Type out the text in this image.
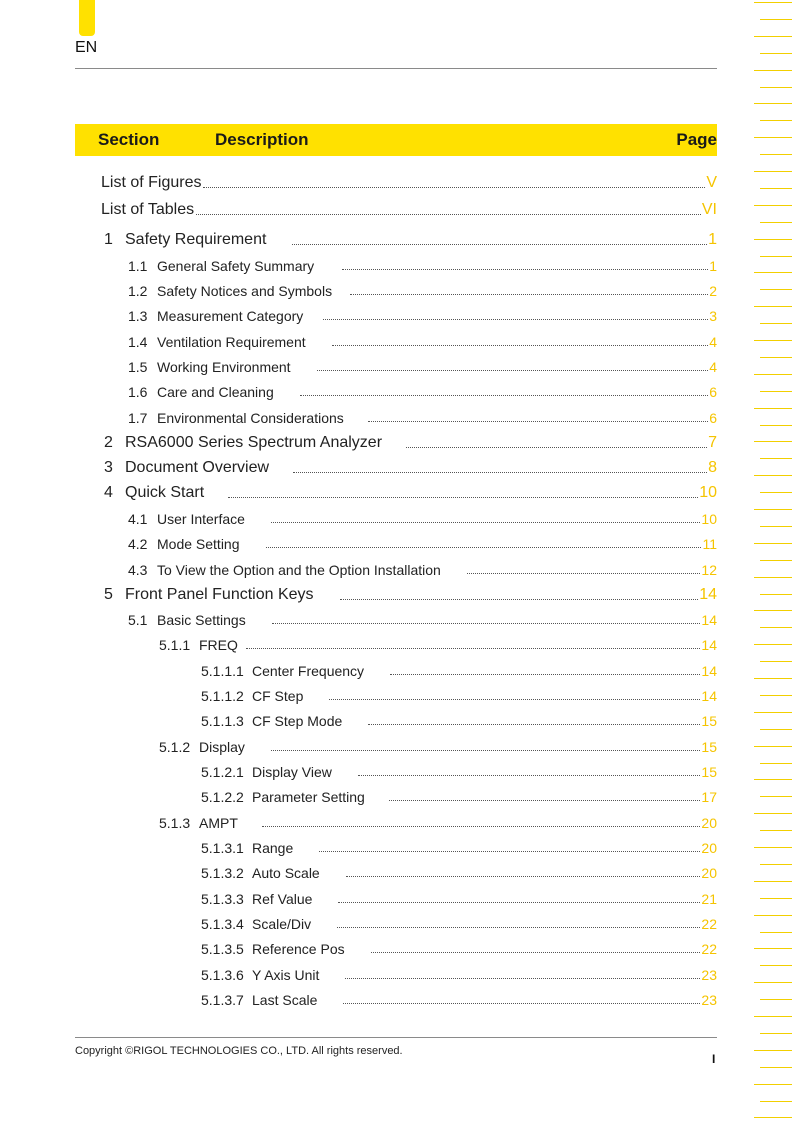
EN
Section	Description	Page
List of Figures	V
List of Tables	VI
1 Safety Requirement	1
1.1 General Safety Summary	1
1.2 Safety Notices and Symbols	2
1.3 Measurement Category	3
1.4 Ventilation Requirement	4
1.5 Working Environment	4
1.6 Care and Cleaning	6
1.7 Environmental Considerations	6
2 RSA6000 Series Spectrum Analyzer	7
3 Document Overview	8
4 Quick Start	10
4.1 User Interface	10
4.2 Mode Setting	11
4.3 To View the Option and the Option Installation	12
5 Front Panel Function Keys	14
5.1 Basic Settings	14
5.1.1 FREQ	14
5.1.1.1 Center Frequency	14
5.1.1.2 CF Step	14
5.1.1.3 CF Step Mode	15
5.1.2 Display	15
5.1.2.1 Display View	15
5.1.2.2 Parameter Setting	17
5.1.3 AMPT	20
5.1.3.1 Range	20
5.1.3.2 Auto Scale	20
5.1.3.3 Ref Value	21
5.1.3.4 Scale/Div	22
5.1.3.5 Reference Pos	22
5.1.3.6 Y Axis Unit	23
5.1.3.7 Last Scale	23
Copyright ©RIGOL TECHNOLOGIES CO., LTD. All rights reserved.
I
